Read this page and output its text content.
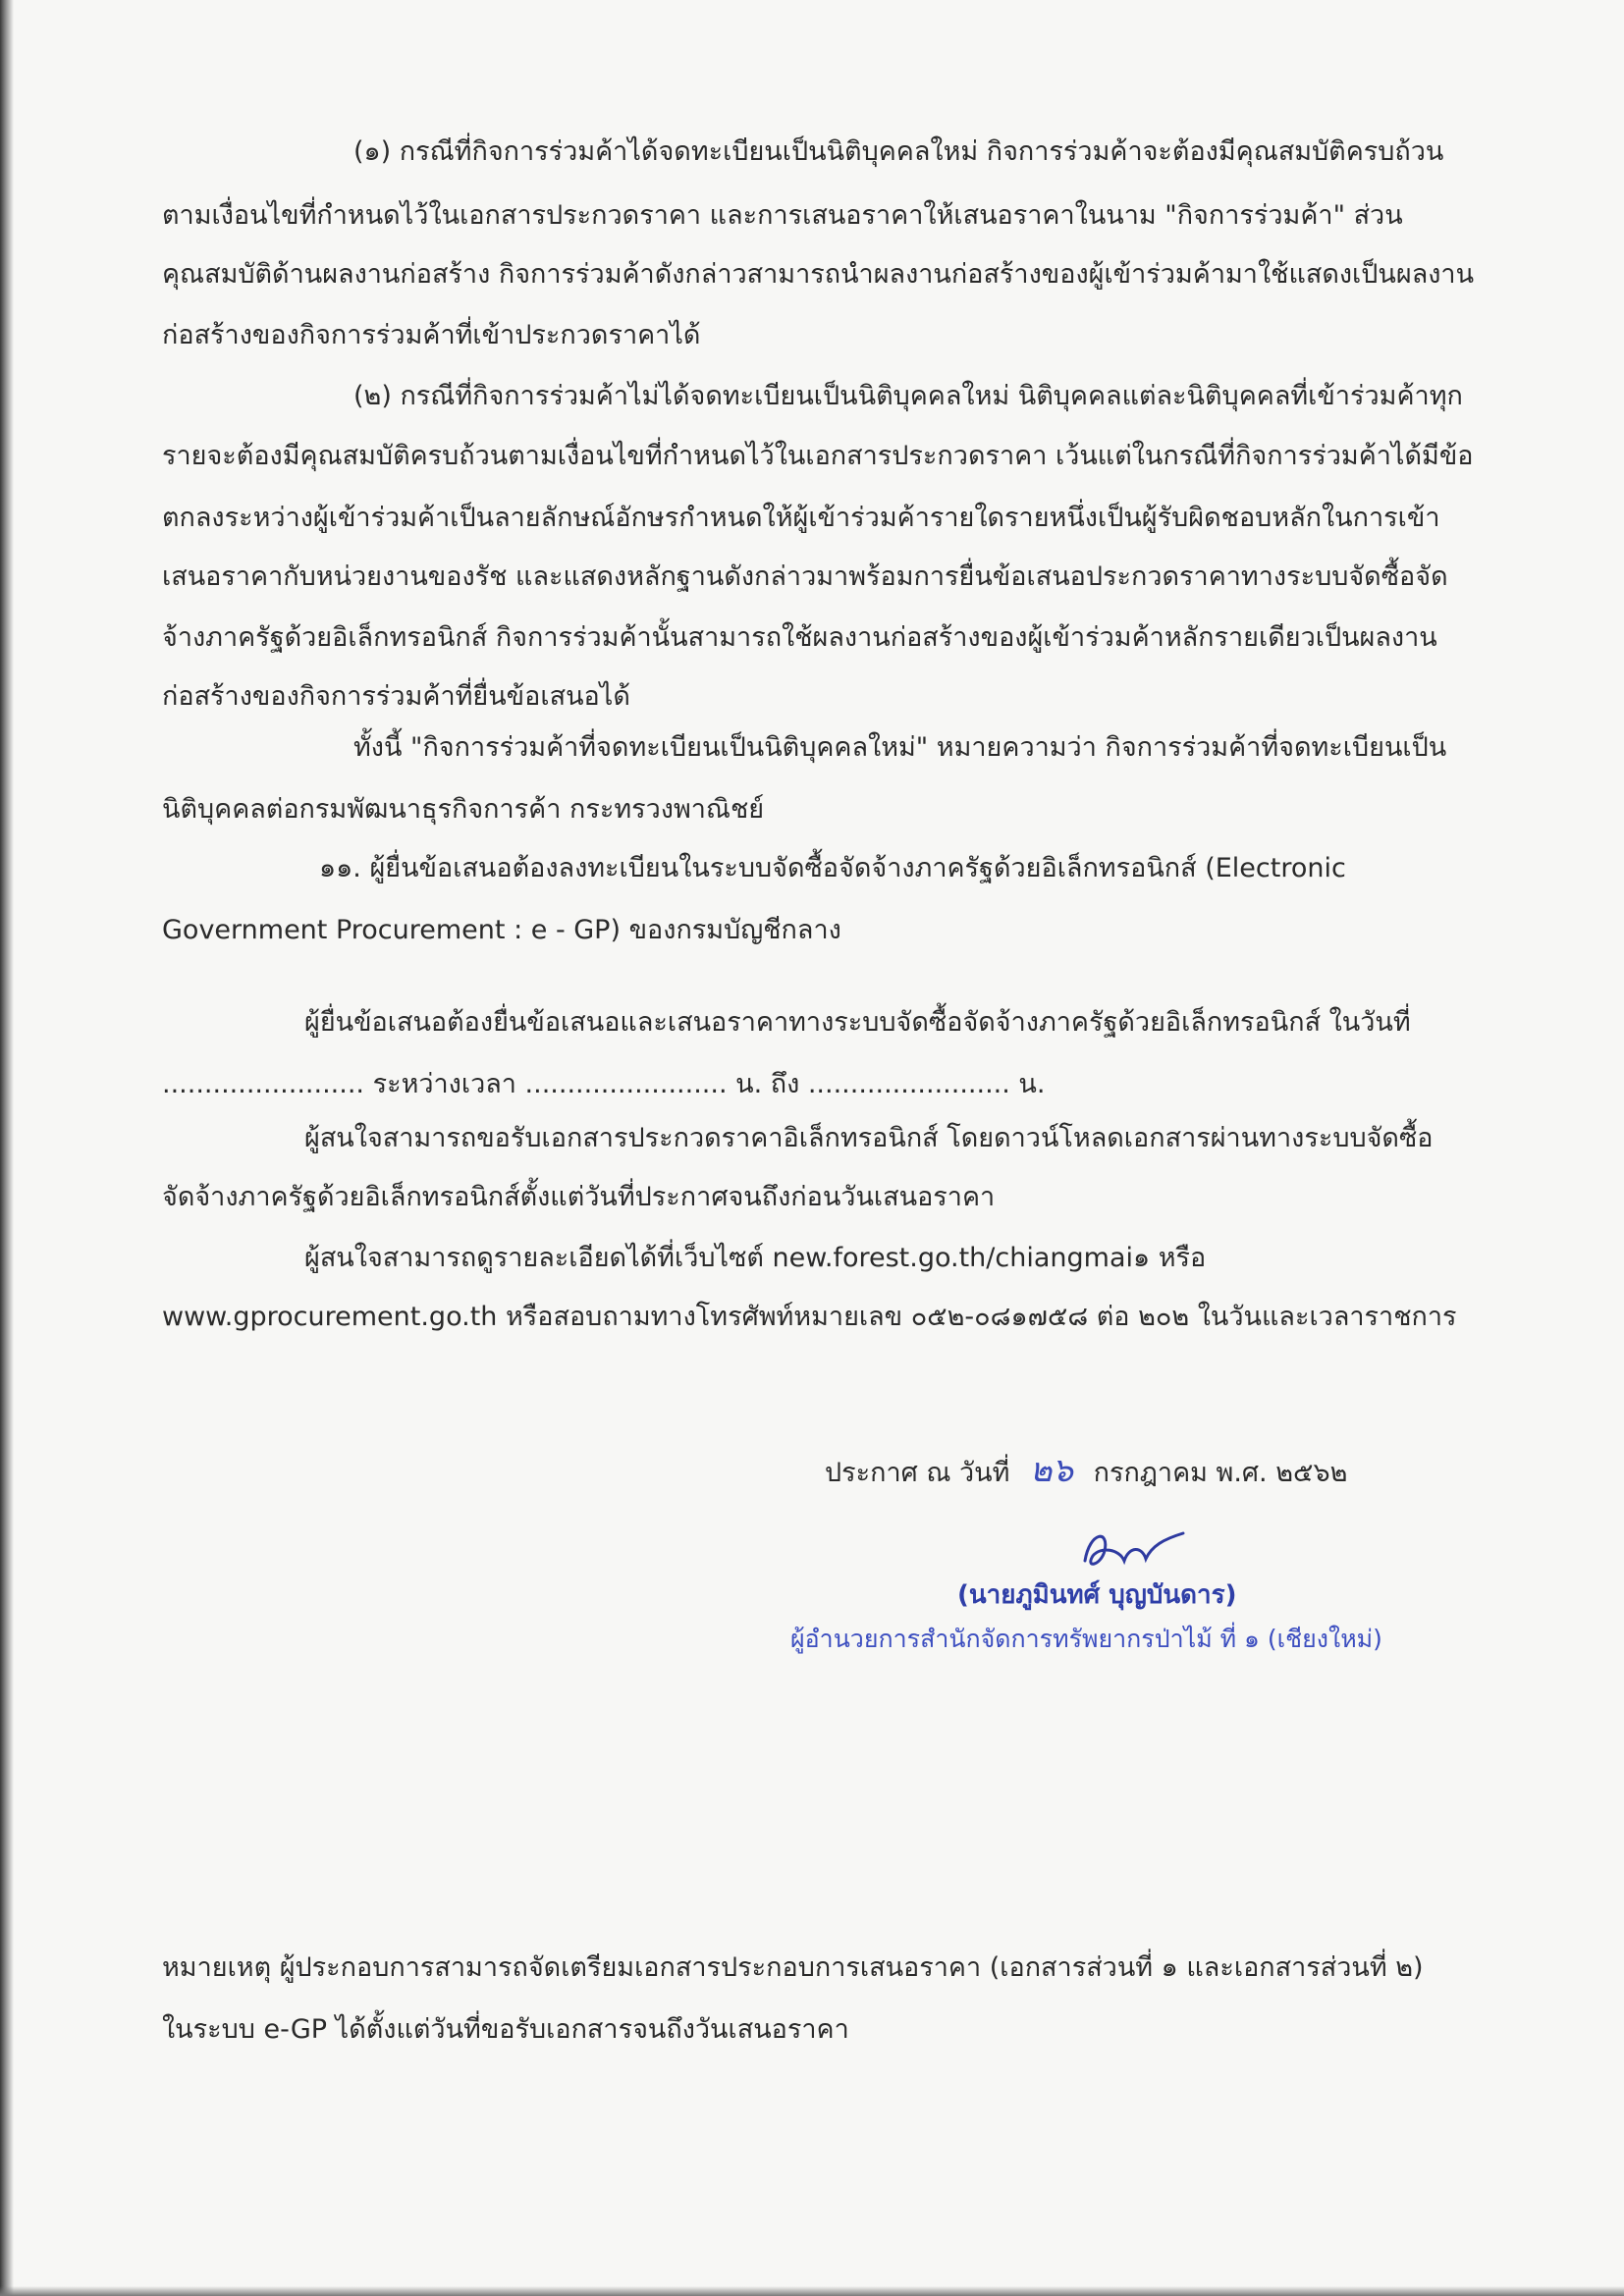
(๑) กรณีที่กิจการร่วมค้าได้จดทะเบียนเป็นนิติบุคคลใหม่ กิจการร่วมค้าจะต้องมีคุณสมบัติครบถ้วน
ตามเงื่อนไขที่กำหนดไว้ในเอกสารประกวดราคา และการเสนอราคาให้เสนอราคาในนาม "กิจการร่วมค้า" ส่วน
คุณสมบัติด้านผลงานก่อสร้าง กิจการร่วมค้าดังกล่าวสามารถนำผลงานก่อสร้างของผู้เข้าร่วมค้ามาใช้แสดงเป็นผลงาน
ก่อสร้างของกิจการร่วมค้าที่เข้าประกวดราคาได้
(๒) กรณีที่กิจการร่วมค้าไม่ได้จดทะเบียนเป็นนิติบุคคลใหม่ นิติบุคคลแต่ละนิติบุคคลที่เข้าร่วมค้าทุก
รายจะต้องมีคุณสมบัติครบถ้วนตามเงื่อนไขที่กำหนดไว้ในเอกสารประกวดราคา เว้นแต่ในกรณีที่กิจการร่วมค้าได้มีข้อ
ตกลงระหว่างผู้เข้าร่วมค้าเป็นลายลักษณ์อักษรกำหนดให้ผู้เข้าร่วมค้ารายใดรายหนึ่งเป็นผู้รับผิดชอบหลักในการเข้า
เสนอราคากับหน่วยงานของรัช และแสดงหลักฐานดังกล่าวมาพร้อมการยื่นข้อเสนอประกวดราคาทางระบบจัดซื้อจัด
จ้างภาครัฐด้วยอิเล็กทรอนิกส์ กิจการร่วมค้านั้นสามารถใช้ผลงานก่อสร้างของผู้เข้าร่วมค้าหลักรายเดียวเป็นผลงาน
ก่อสร้างของกิจการร่วมค้าที่ยื่นข้อเสนอได้
ทั้งนี้ "กิจการร่วมค้าที่จดทะเบียนเป็นนิติบุคคลใหม่" หมายความว่า กิจการร่วมค้าที่จดทะเบียนเป็น
นิติบุคคลต่อกรมพัฒนาธุรกิจการค้า กระทรวงพาณิชย์
๑๑. ผู้ยื่นข้อเสนอต้องลงทะเบียนในระบบจัดซื้อจัดจ้างภาครัฐด้วยอิเล็กทรอนิกส์ (Electronic
Government Procurement : e - GP) ของกรมบัญชีกลาง
ผู้ยื่นข้อเสนอต้องยื่นข้อเสนอและเสนอราคาทางระบบจัดซื้อจัดจ้างภาครัฐด้วยอิเล็กทรอนิกส์ ในวันที่
........................ ระหว่างเวลา ........................ น. ถึง ........................ น.
ผู้สนใจสามารถขอรับเอกสารประกวดราคาอิเล็กทรอนิกส์ โดยดาวน์โหลดเอกสารผ่านทางระบบจัดซื้อ
จัดจ้างภาครัฐด้วยอิเล็กทรอนิกส์ตั้งแต่วันที่ประกาศจนถึงก่อนวันเสนอราคา
ผู้สนใจสามารถดูรายละเอียดได้ที่เว็บไซต์ new.forest.go.th/chiangmai๑ หรือ
www.gprocurement.go.th หรือสอบถามทางโทรศัพท์หมายเลข ๐๕๒-๐๘๑๗๕๘ ต่อ ๒๐๒ ในวันและเวลาราชการ
ประกาศ ณ วันที่ ๒๖ กรกฎาคม พ.ศ. ๒๕๖๒
(นายภูมินทศ์ บุญบันดาร)
ผู้อำนวยการสำนักจัดการทรัพยากรป่าไม้ ที่ ๑ (เชียงใหม่)
หมายเหตุ ผู้ประกอบการสามารถจัดเตรียมเอกสารประกอบการเสนอราคา (เอกสารส่วนที่ ๑ และเอกสารส่วนที่ ๒)
ในระบบ e-GP ได้ตั้งแต่วันที่ขอรับเอกสารจนถึงวันเสนอราคา
